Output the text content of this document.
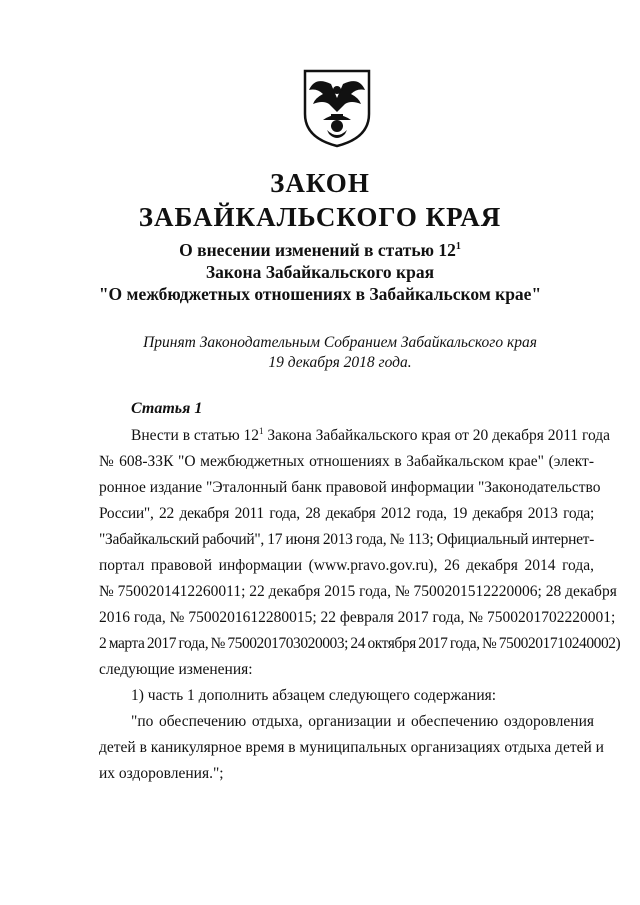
ЗАКОН
ЗАБАЙКАЛЬСКОГО КРАЯ
О внесении изменений в статью $12^1$
Закона Забайкальского края
"О межбюджетных отношениях в Забайкальском крае"
Принят Законодательным Собранием Забайкальского края
19 декабря 2018 года.
Статья 1
Внести в статью $12^1$ Закона Забайкальского края от 20 декабря 2011 года
№ 608-ЗЗК "О межбюджетных отношениях в Забайкальском крае" (элект-
ронное издание "Эталонный банк правовой информации "Законодательство
России", 22 декабря 2011 года, 28 декабря 2012 года, 19 декабря 2013 года;
"Забайкальский рабочий", 17 июня 2013 года, № 113; Официальный интернет-
портал правовой информации (www.pravo.gov.ru), 26 декабря 2014 года,
№ 7500201412260011; 22 декабря 2015 года, № 7500201512220006; 28 декабря
2016 года, № 7500201612280015; 22 февраля 2017 года, № 7500201702220001;
2 марта 2017 года, № 7500201703020003; 24 октября 2017 года, № 7500201710240002)
следующие изменения:
1) часть 1 дополнить абзацем следующего содержания:
"по обеспечению отдыха, организации и обеспечению оздоровления
детей в каникулярное время в муниципальных организациях отдыха детей и
их оздоровления.";
